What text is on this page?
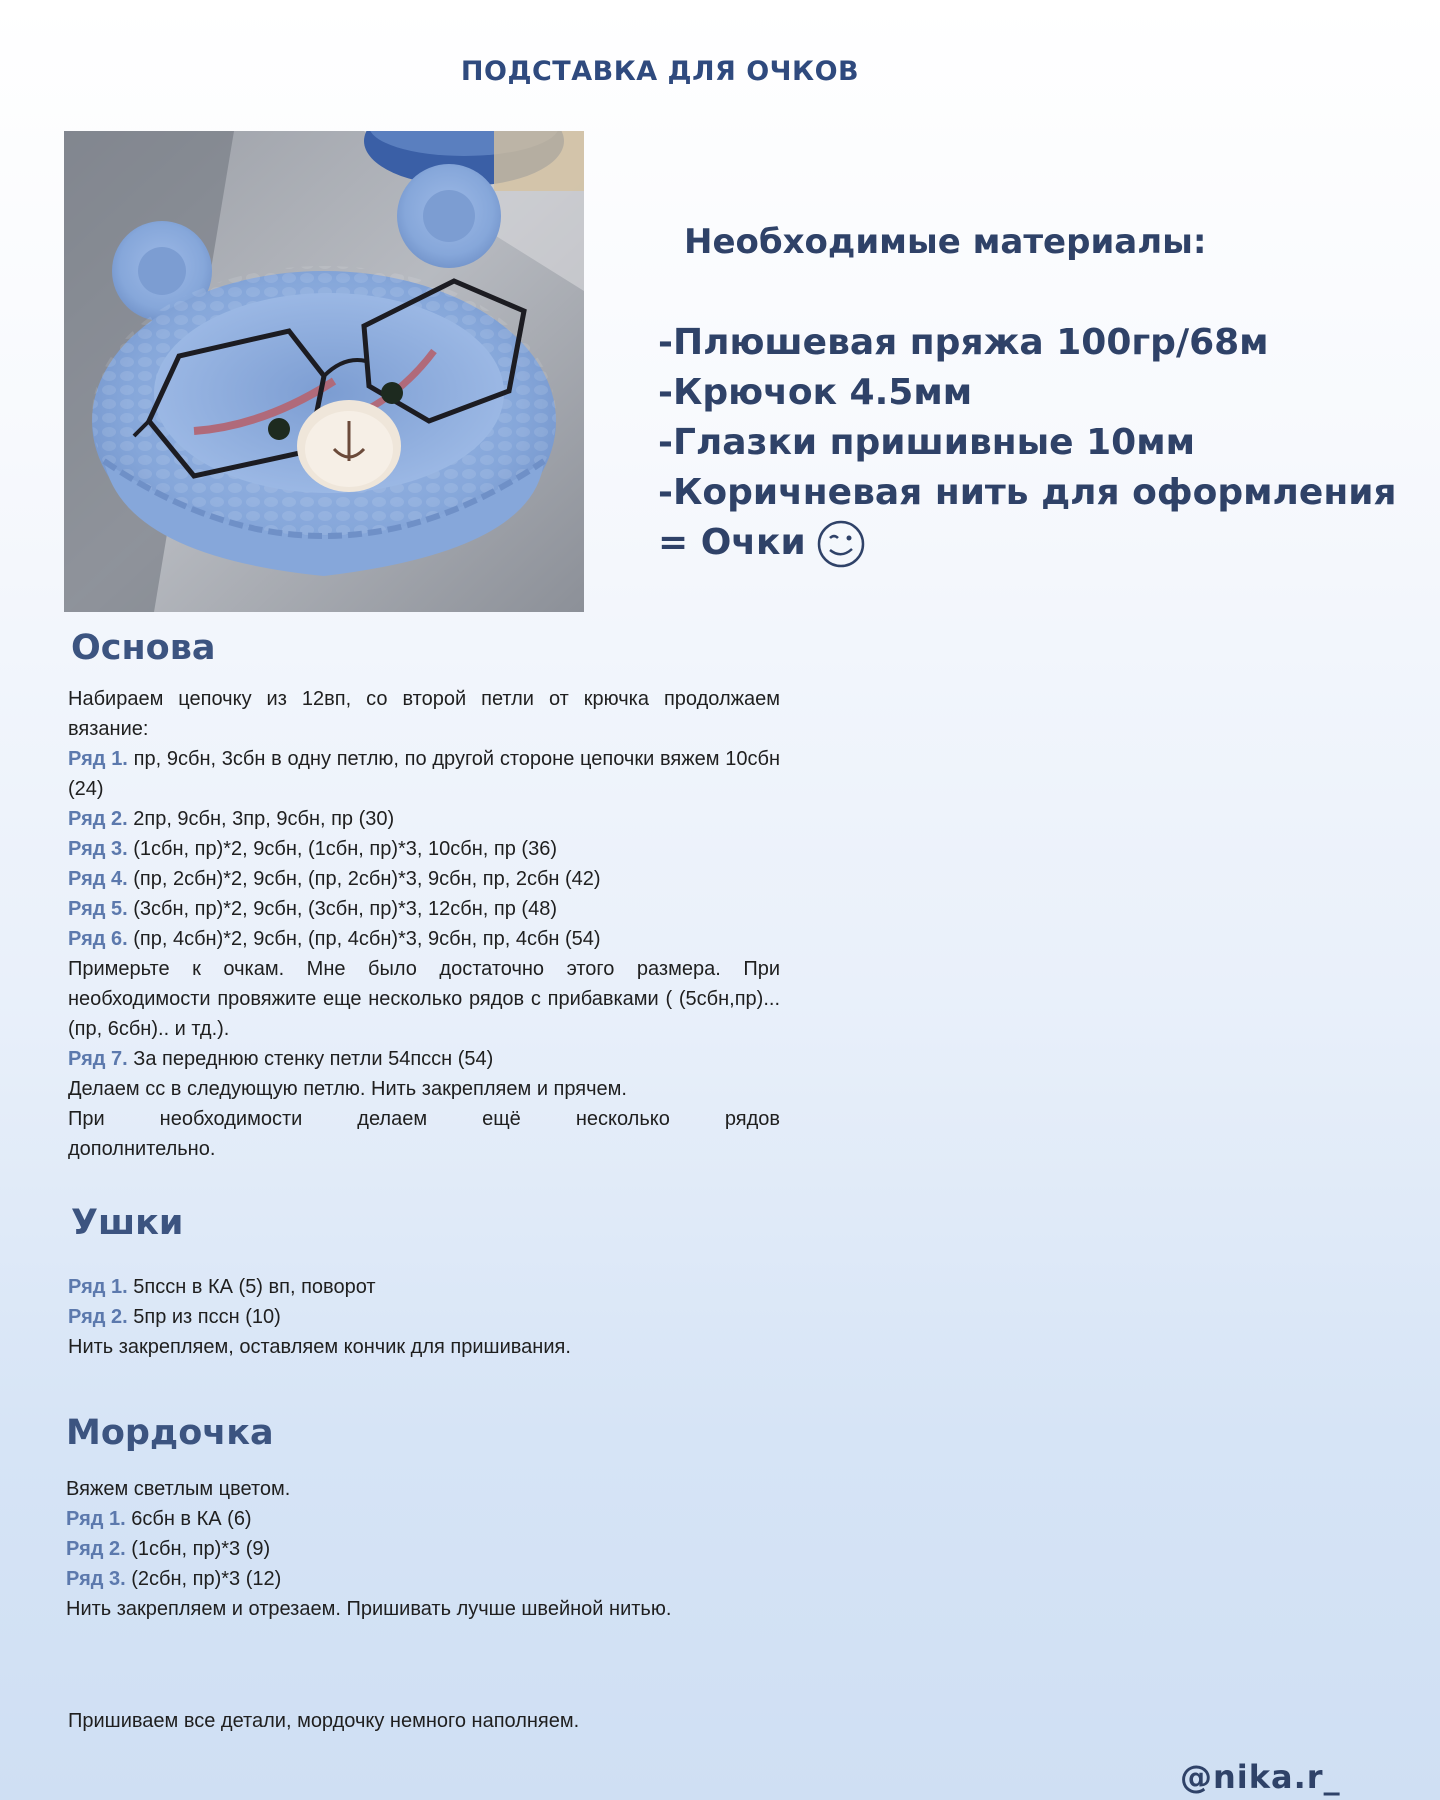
ПОДСТАВКА ДЛЯ ОЧКОВ
Необходимые материалы:
-Плюшевая пряжа 100гр/68м
-Крючок 4.5мм
-Глазки пришивные 10мм
-Коричневая нить для оформления
= Очки
Основа

Набираем цепочку из 12вп, со второй петли от крючка продолжаем вязание:

Ряд 1. пр, 9сбн, 3сбн в одну петлю, по другой стороне цепочки вяжем 10сбн (24)

Ряд 2. 2пр, 9сбн, 3пр, 9сбн, пр (30)

Ряд 3. (1сбн, пр)*2, 9сбн, (1сбн, пр)*3, 10сбн, пр (36)

Ряд 4. (пр, 2сбн)*2, 9сбн, (пр, 2сбн)*3, 9сбн, пр, 2сбн (42)

Ряд 5. (3сбн, пр)*2, 9сбн, (3сбн, пр)*3, 12сбн, пр (48)

Ряд 6. (пр, 4сбн)*2, 9сбн, (пр, 4сбн)*3, 9сбн, пр, 4сбн (54)

Примерьте к очкам. Мне было достаточно этого размера. При необходимости провяжите еще несколько рядов с прибавками ( (5сбн,пр)...(пр, 6сбн).. и тд.).

Ряд 7. За переднюю стенку петли 54пссн (54)

Делаем сс в следующую петлю. Нить закрепляем и прячем.

При необходимости делаем ещё несколько рядов дополнительно.

Ушки

Ряд 1. 5пссн в КА (5) вп, поворот

Ряд 2. 5пр из пссн (10)

Нить закрепляем, оставляем кончик для пришивания.

Мордочка

Вяжем светлым цветом.

Ряд 1. 6сбн в КА (6)

Ряд 2. (1сбн, пр)*3 (9)

Ряд 3. (2сбн, пр)*3 (12)

Нить закрепляем и отрезаем. Пришивать лучше швейной нитью.

Пришиваем все детали, мордочку немного наполняем.
@nika.r_
